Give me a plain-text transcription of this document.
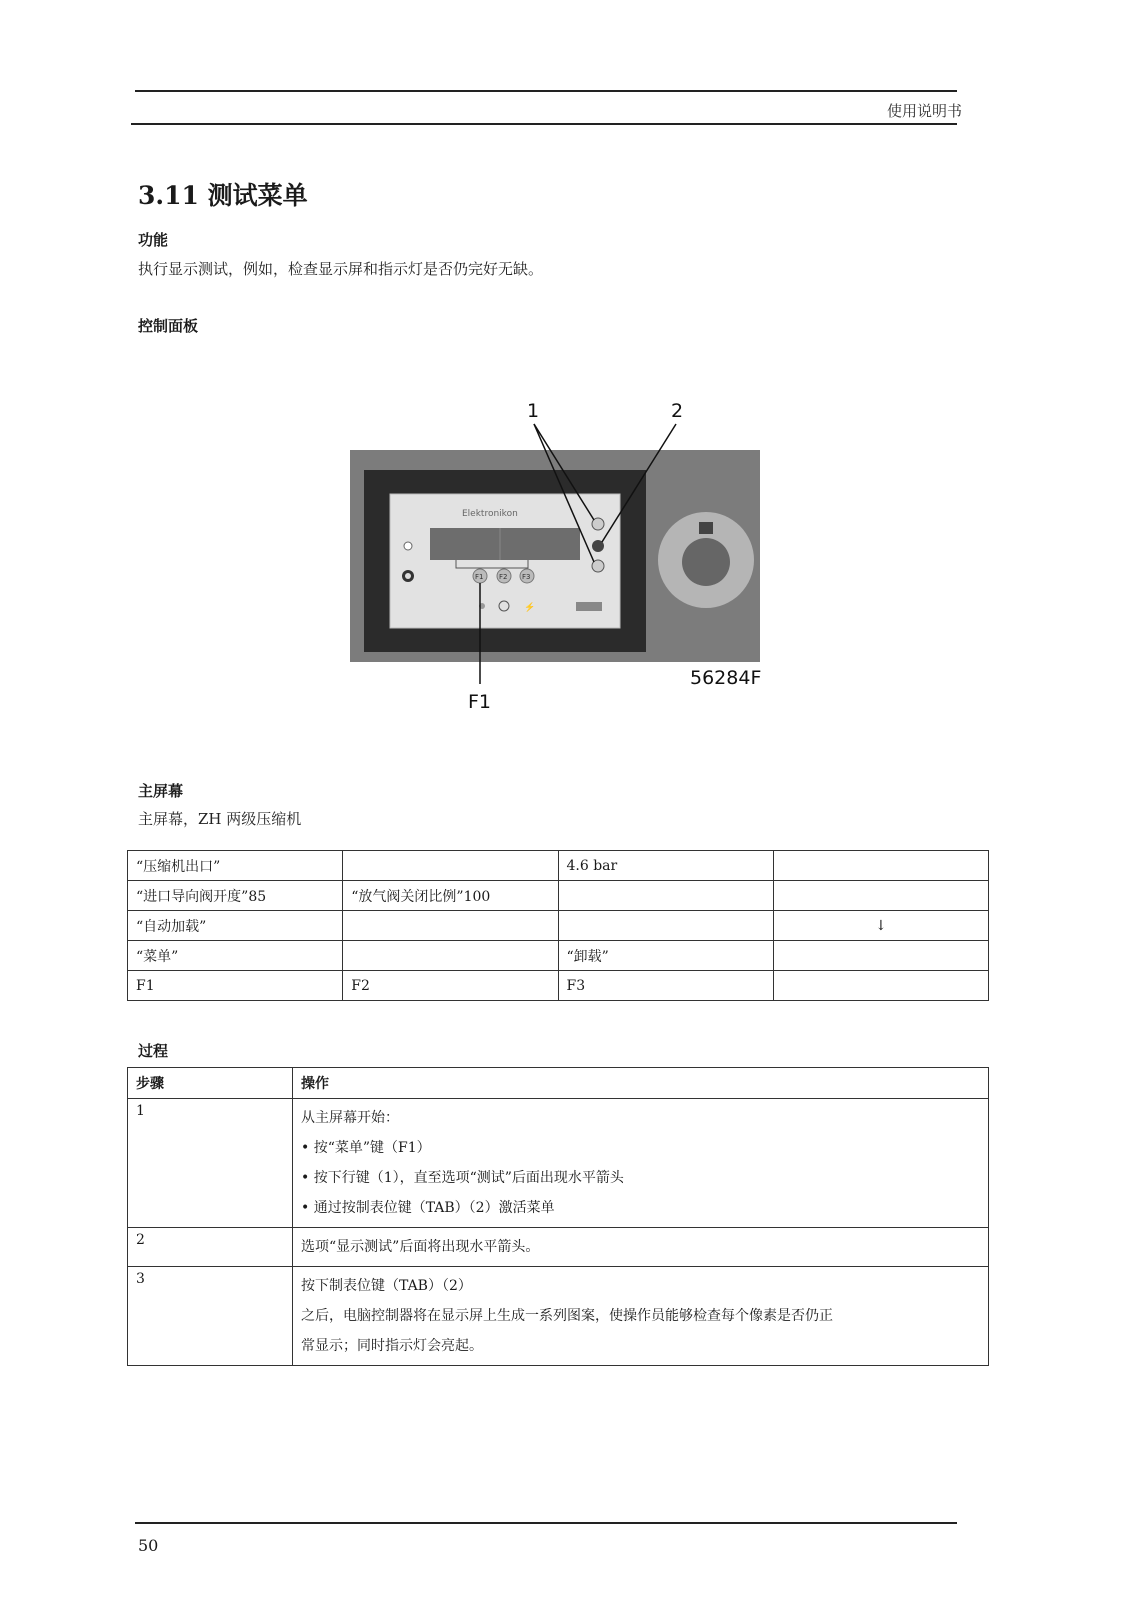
使用说明书
3.11 测试菜单
功能
执行显示测试，例如，检查显示屏和指示灯是否仍完好无缺。
控制面板
Elektronikon
F1 F2 F3
⚡
1	2
F1
56284F
主屏幕
主屏幕，ZH 两级压缩机
“压缩机出口”		4.6 bar	
“进口导向阀开度”85	“放气阀关闭比例”100		
“自动加载”			↓
“菜单”		“卸载”	
F1	F2	F3	
过程
步骤	操作
1	从主屏幕开始：
• 按“菜单”键（F1）
• 按下行键（1），直至选项“测试”后面出现水平箭头
• 通过按制表位键（TAB）（2）激活菜单

2	选项“显示测试”后面将出现水平箭头。

3	按下制表位键（TAB）（2）
之后，电脑控制器将在显示屏上生成一系列图案，使操作员能够检查每个像素是否仍正
常显示；同时指示灯会亮起。
50
